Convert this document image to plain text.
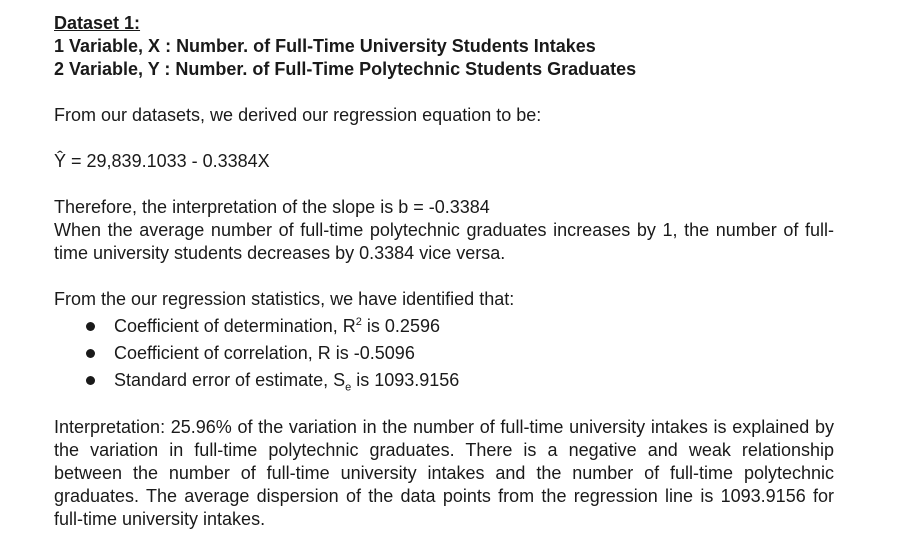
Dataset 1:
1 Variable, X : Number. of Full-Time University Students Intakes
2 Variable, Y : Number. of Full-Time Polytechnic Students Graduates

From our datasets, we derived our regression equation to be:

Ŷ = 29,839.1033 - 0.3384X

Therefore, the interpretation of the slope is b = -0.3384

When the average number of full-time polytechnic graduates increases by 1, the number of full-time university students decreases by 0.3384 vice versa.

From the our regression statistics, we have identified that:

Coefficient of determination, $R^2$ is 0.2596
Coefficient of correlation, R is -0.5096
Standard error of estimate, $S_e$ is 1093.9156

Interpretation: 25.96% of the variation in the number of full-time university intakes is explained by the variation in full-time polytechnic graduates. There is a negative and weak relationship between the number of full-time university intakes and the number of full-time polytechnic graduates. The average dispersion of the data points from the regression line is 1093.9156 for full-time university intakes.
